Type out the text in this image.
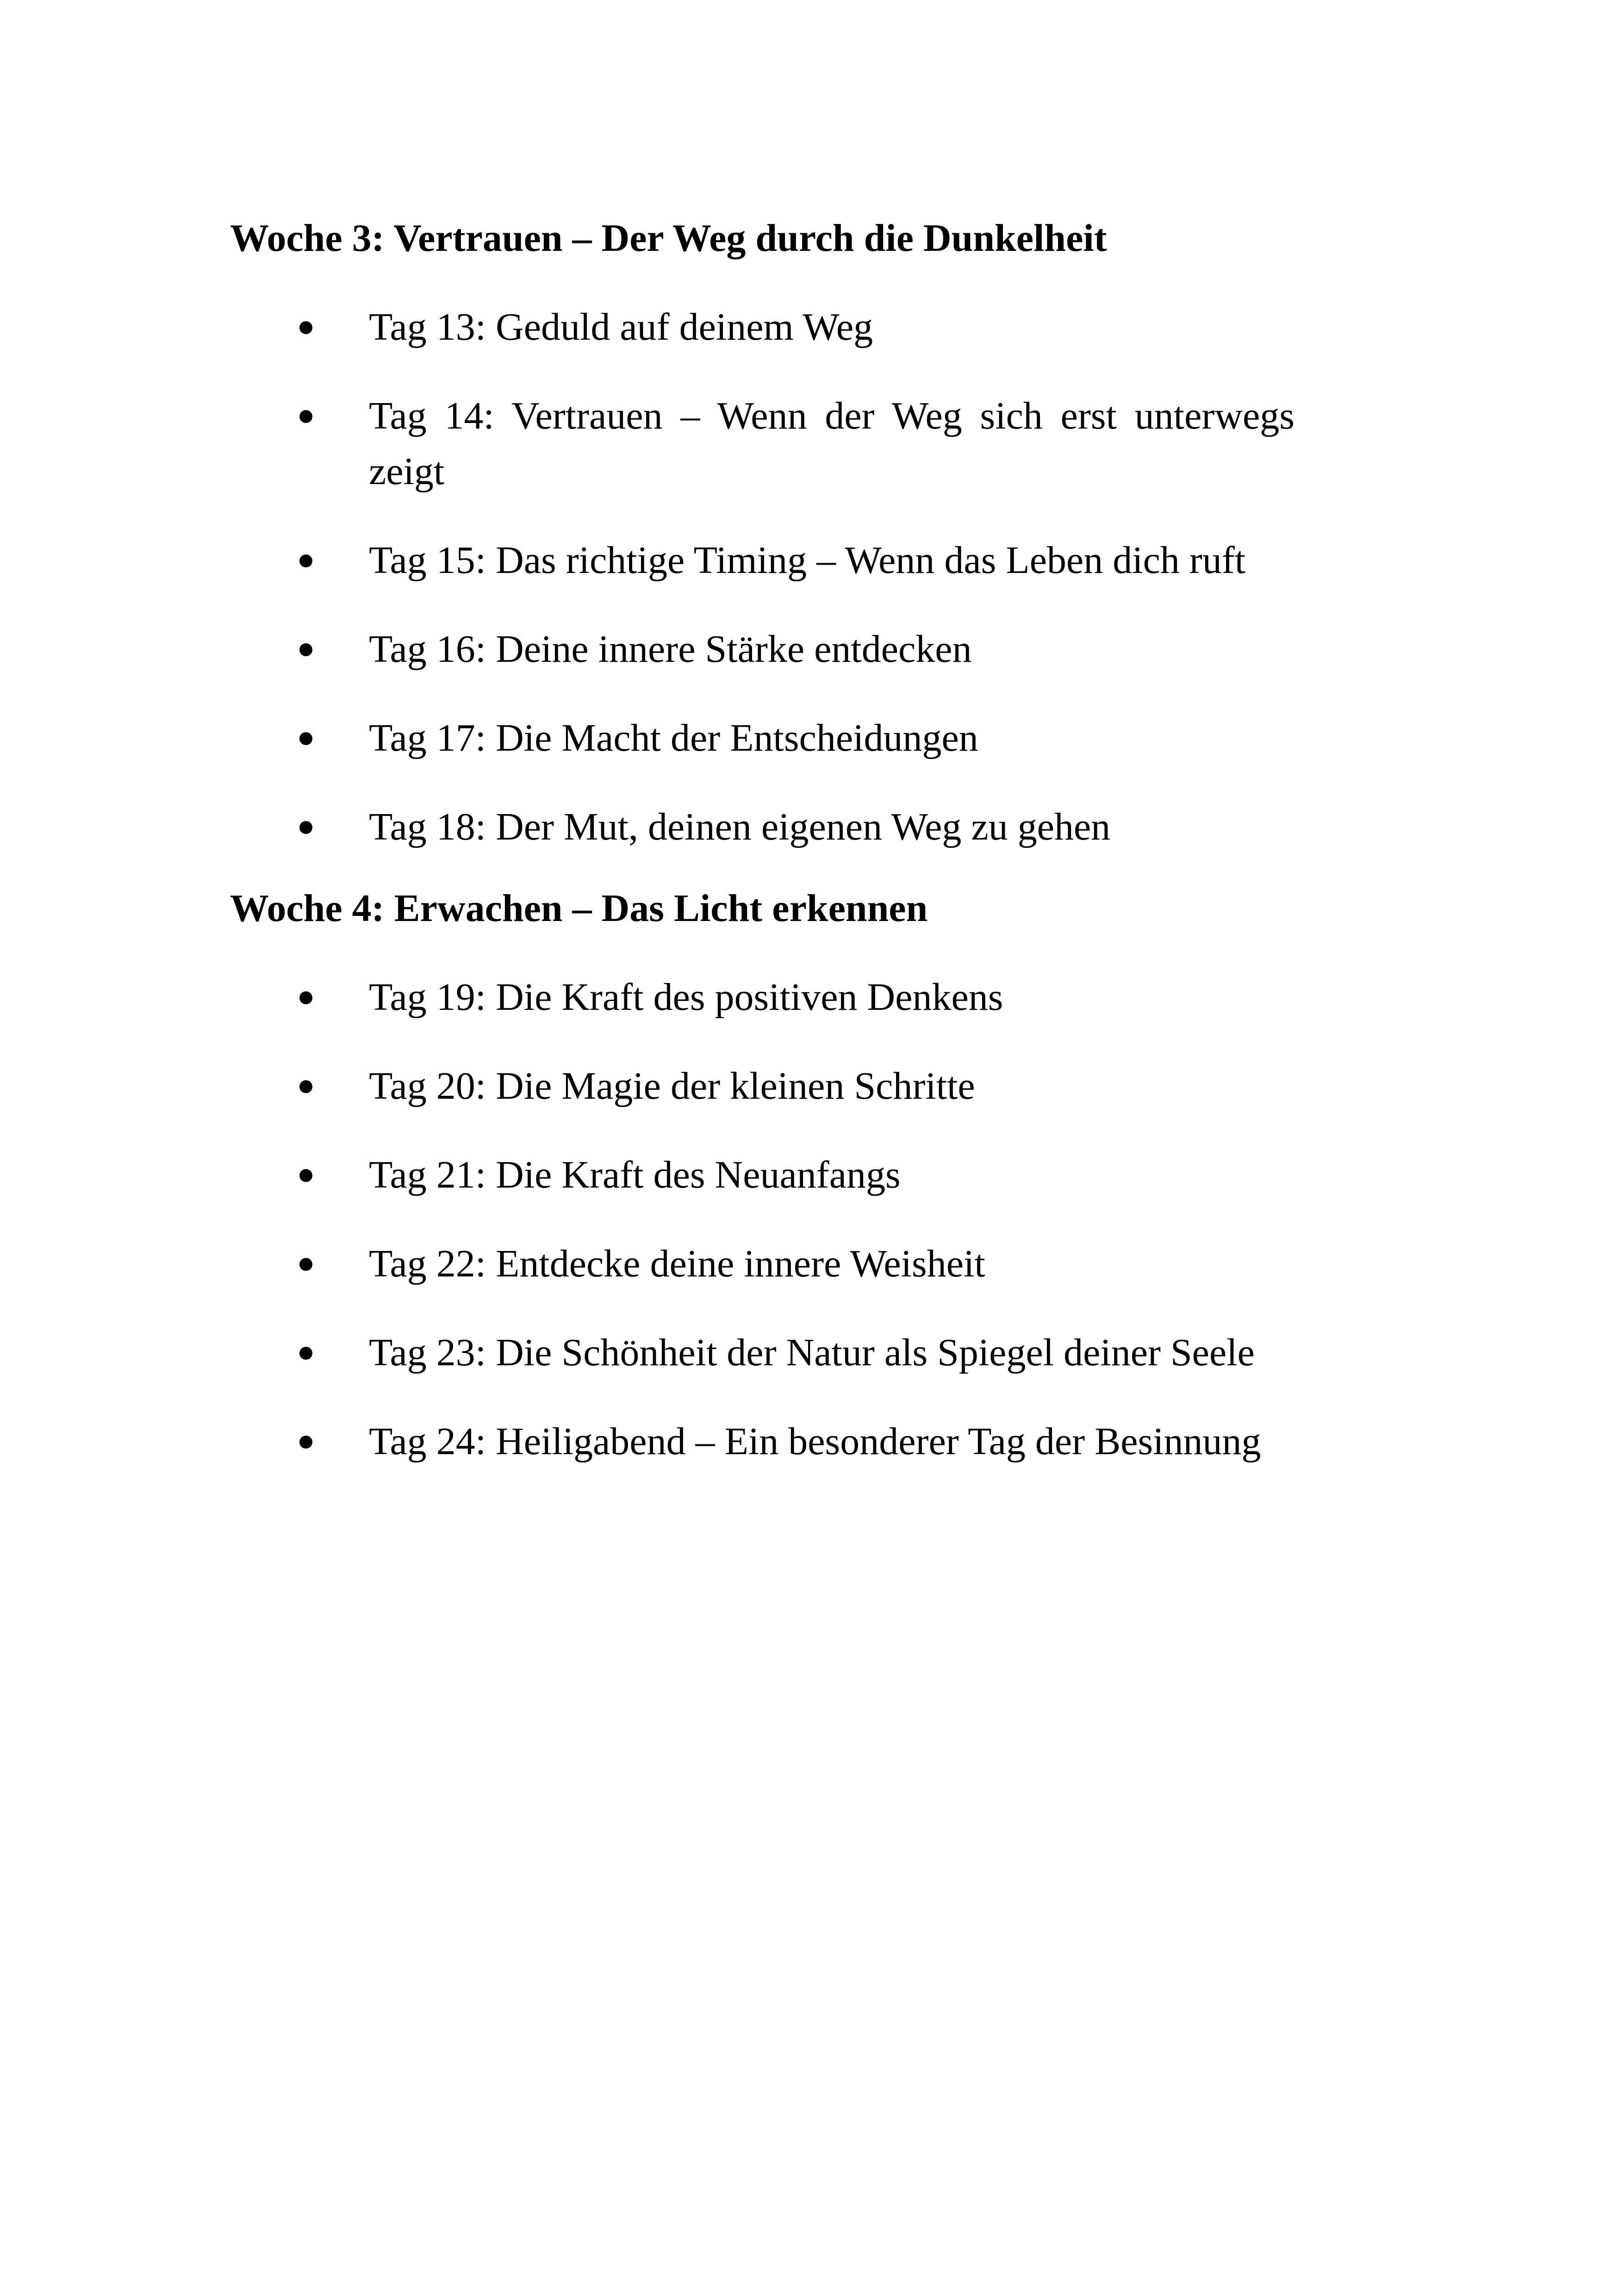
Woche 3: Vertrauen – Der Weg durch die Dunkelheit
Tag 13: Geduld auf deinem Weg
Tag 14: Vertrauen – Wenn der Weg sich erst unterwegs zeigt
Tag 15: Das richtige Timing – Wenn das Leben dich ruft
Tag 16: Deine innere Stärke entdecken
Tag 17: Die Macht der Entscheidungen
Tag 18: Der Mut, deinen eigenen Weg zu gehen
Woche 4: Erwachen – Das Licht erkennen
Tag 19: Die Kraft des positiven Denkens
Tag 20: Die Magie der kleinen Schritte
Tag 21: Die Kraft des Neuanfangs
Tag 22: Entdecke deine innere Weisheit
Tag 23: Die Schönheit der Natur als Spiegel deiner Seele
Tag 24: Heiligabend – Ein besonderer Tag der Besinnung
